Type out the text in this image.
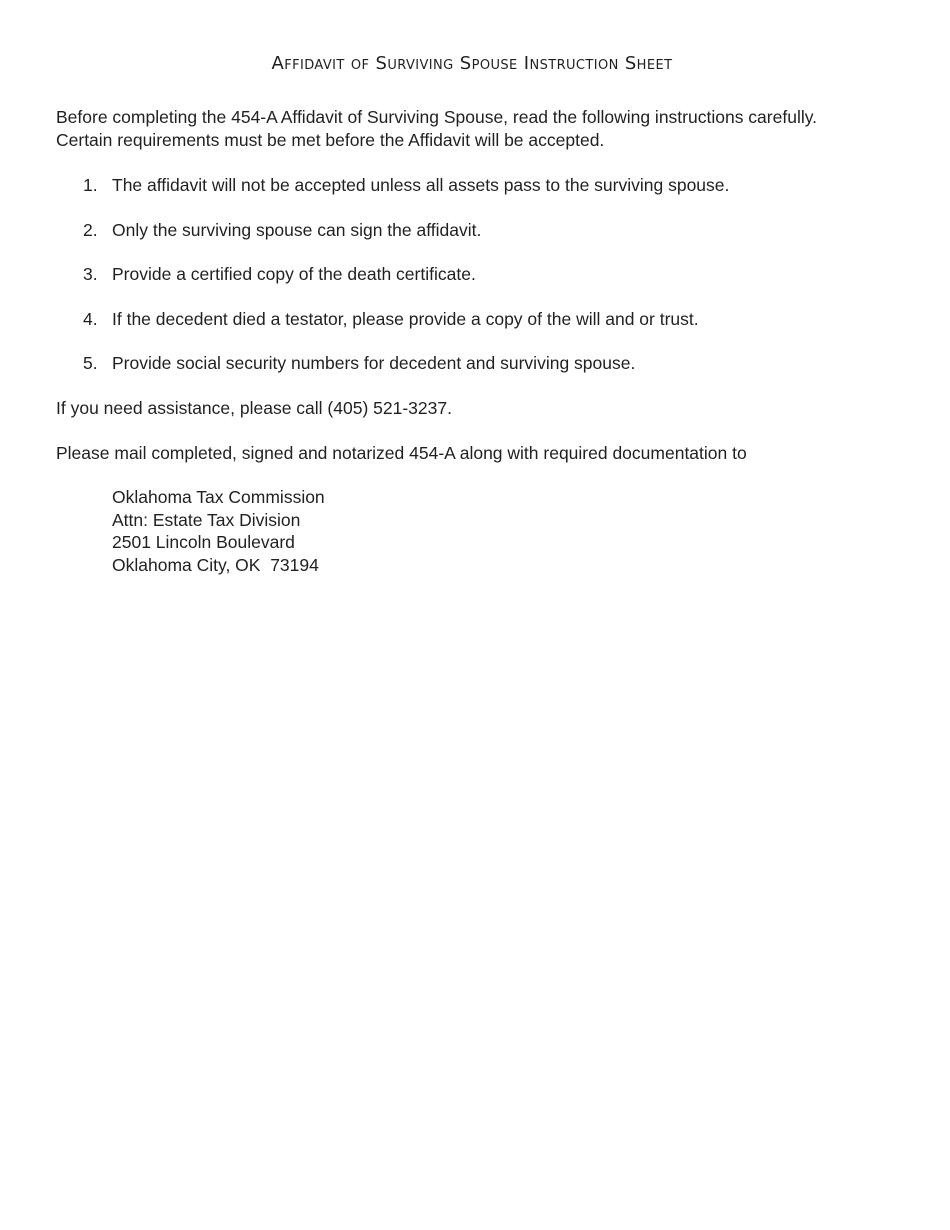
Affidavit of Surviving Spouse Instruction Sheet

Before completing the 454-A Affidavit of Surviving Spouse, read the following instructions carefully.

Certain requirements must be met before the Affidavit will be accepted.

1. The affidavit will not be accepted unless all assets pass to the surviving spouse.
2. Only the surviving spouse can sign the affidavit.
3. Provide a certified copy of the death certificate.
4. If the decedent died a testator, please provide a copy of the will and or trust.
5. Provide social security numbers for decedent and surviving spouse.
If you need assistance, please call (405) 521-3237.
Please mail completed, signed and notarized 454-A along with required documentation to
Oklahoma Tax Commission
Attn: Estate Tax Division
2501 Lincoln Boulevard
Oklahoma City, OK  73194
